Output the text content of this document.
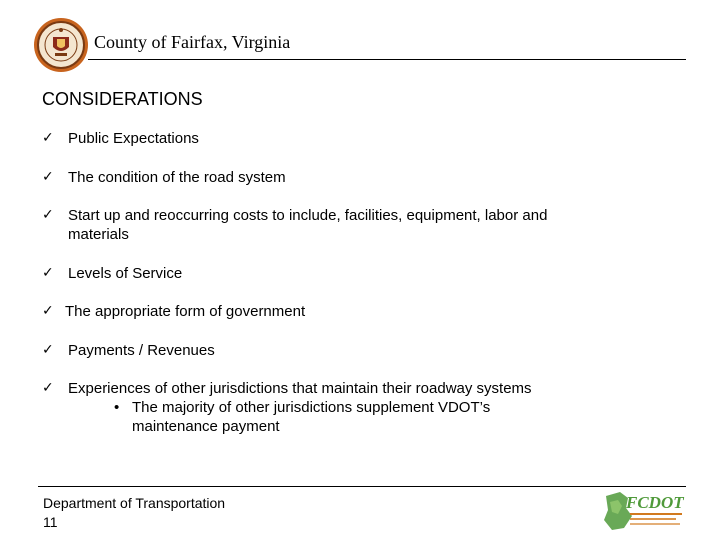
County of Fairfax, Virginia
CONSIDERATIONS
✓ Public Expectations
✓ The condition of the road system
✓ Start up and reoccurring costs to include, facilities, equipment, labor and materials
✓ Levels of Service
✓ The appropriate form of government
✓ Payments / Revenues
✓ Experiences of other jurisdictions that maintain their roadway systems
• The majority of other jurisdictions supplement VDOT’s maintenance payment
Department of Transportation
11
FCDOT
